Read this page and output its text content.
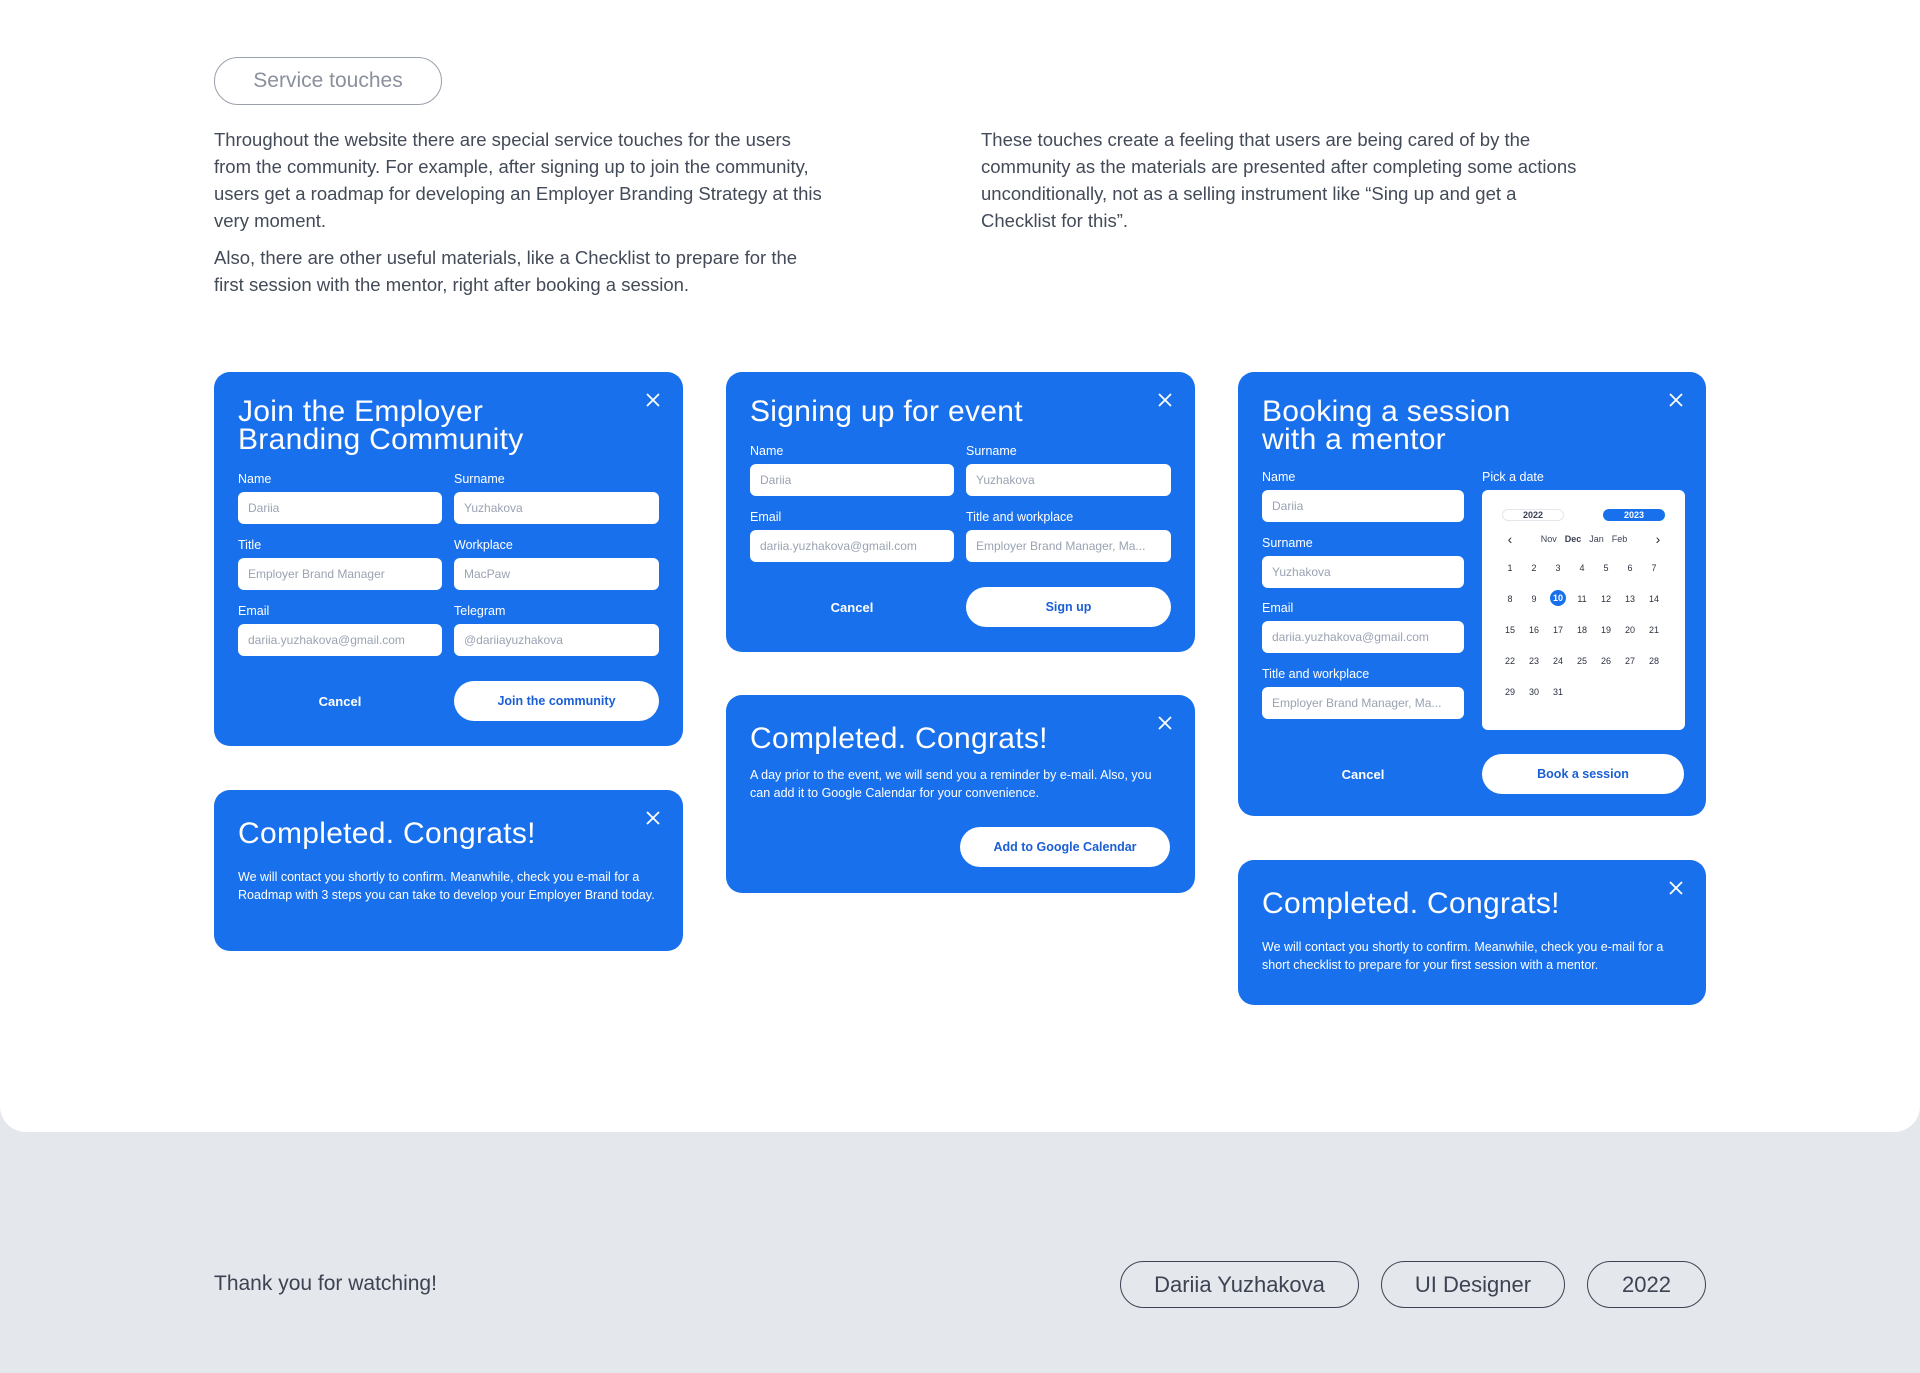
Service touches

Throughout the website there are special service touches for the users from the community. For example, after signing up to join the community, users get a roadmap for developing an Employer Branding Strategy at this very moment.

Also, there are other useful materials, like a Checklist to prepare for the first session with the mentor, right after booking a session.

These touches create a feeling that users are being cared of by the community as the materials are presented after completing some actions unconditionally, not as a selling instrument like “Sing up and get a Checklist for this”.

Join the Employer
Branding Community
Name
Dariia
Surname
Yuzhakova
Title
Employer Brand Manager
Workplace
MacPaw
Email
dariia.yuzhakova@gmail.com
Telegram
@dariiayuzhakova
Cancel	Join the community
Completed. Congrats!
We will contact you shortly to confirm. Meanwhile, check you e-mail for a Roadmap with 3 steps you can take to develop your Employer Brand today.
Signing up for event
Name
Dariia
Surname
Yuzhakova
Email
dariia.yuzhakova@gmail.com
Title and workplace
Employer Brand Manager, Ma...
Cancel	Sign up
Completed. Congrats!
A day prior to the event, we will send you a reminder by e-mail. Also, you can add it to Google Calendar for your convenience.
Add to Google Calendar
Booking a session
with a mentor
Name
Dariia
Surname
Yuzhakova
Email
dariia.yuzhakova@gmail.com
Title and workplace
Employer Brand Manager, Ma...
Pick a date
2022	2023
‹	Nov Dec Jan Feb ›
1	2	3	4	5	6	7
8	9	10	11	12	13	14
15	16	17	18	19	20	21
22	23	24	25	26	27	28
29	30	31
Cancel	Book a session
Completed. Congrats!
We will contact you shortly to confirm. Meanwhile, check you e-mail for a short checklist to prepare for your first session with a mentor.
Thank you for watching!	Dariia Yuzhakova	UI Designer	2022
